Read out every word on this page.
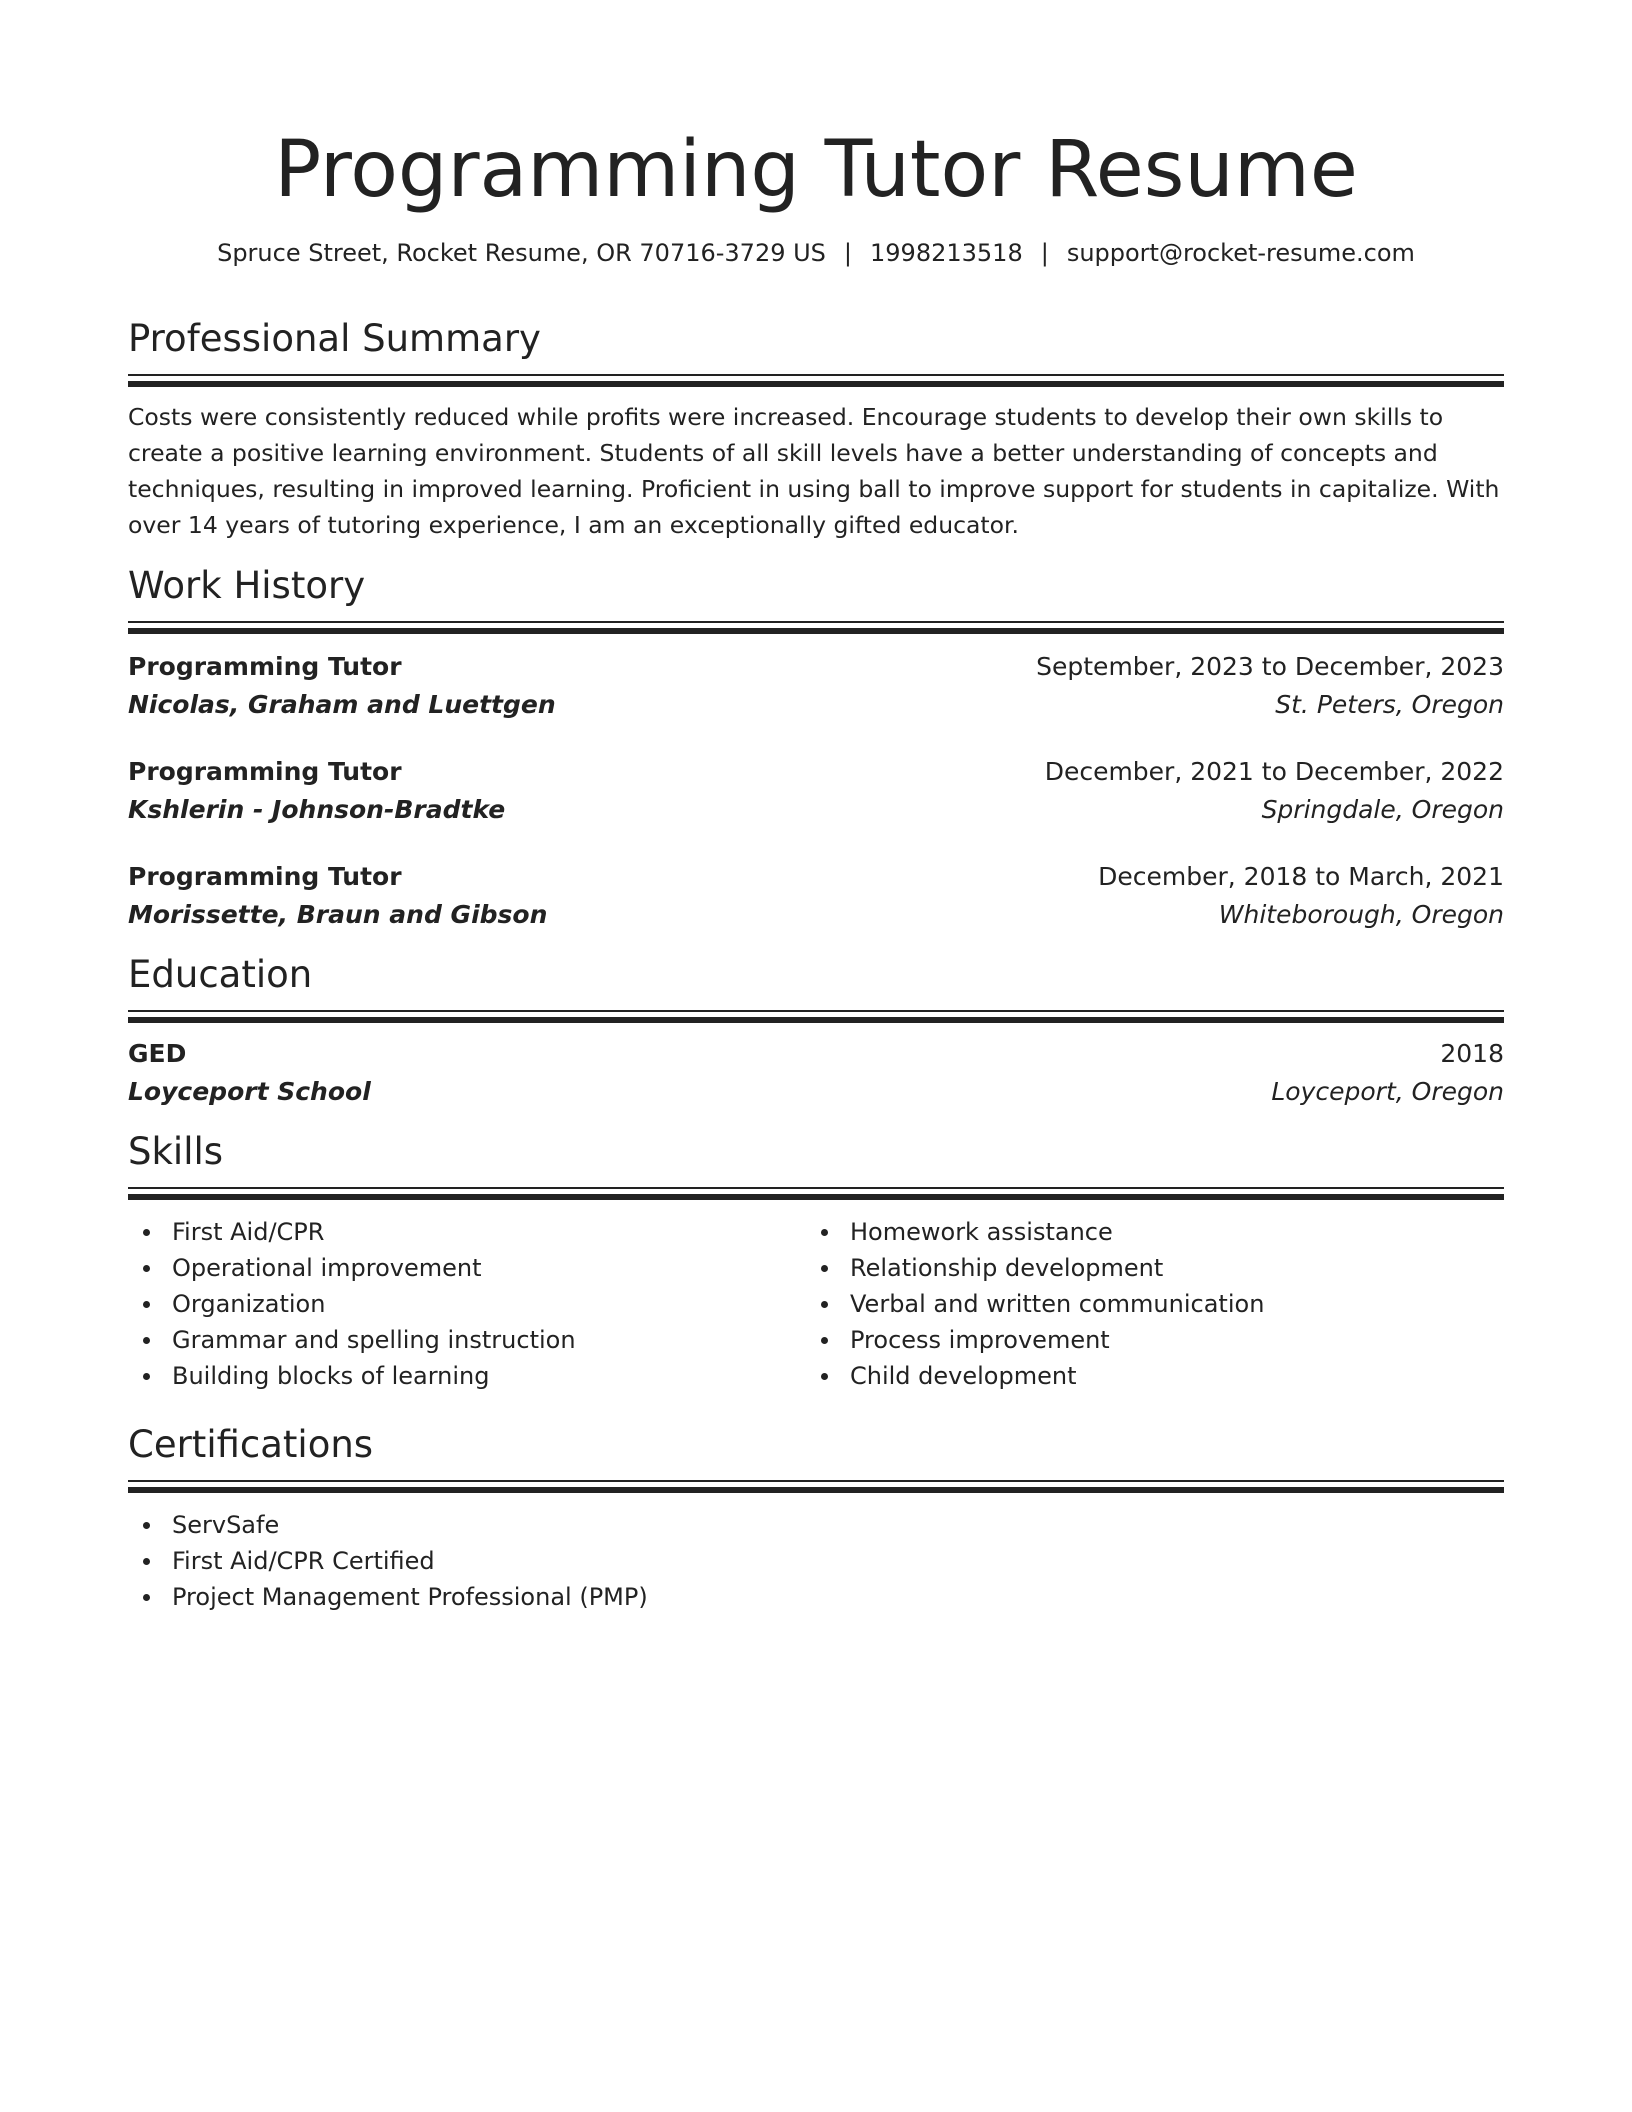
Programming Tutor Resume
Spruce Street, Rocket Resume, OR 70716-3729 US | 1998213518 | support@rocket-resume.com
Professional Summary

Costs were consistently reduced while profits were increased. Encourage students to develop their own skills to create a positive learning environment. Students of all skill levels have a better understanding of concepts and techniques, resulting in improved learning. Proficient in using ball to improve support for students in capitalize. With over 14 years of tutoring experience, I am an exceptionally gifted educator.

Work History
Programming Tutor	September, 2023 to December, 2023
Nicolas, Graham and Luettgen	St. Peters, Oregon
Programming Tutor	December, 2021 to December, 2022
Kshlerin - Johnson-Bradtke	Springdale, Oregon
Programming Tutor	December, 2018 to March, 2021
Morissette, Braun and Gibson	Whiteborough, Oregon
Education
GED	2018
Loyceport School	Loyceport, Oregon
Skills
First Aid/CPR
Operational improvement
Organization
Grammar and spelling instruction
Building blocks of learning
Homework assistance
Relationship development
Verbal and written communication
Process improvement
Child development
Certifications
ServSafe
First Aid/CPR Certified
Project Management Professional (PMP)
